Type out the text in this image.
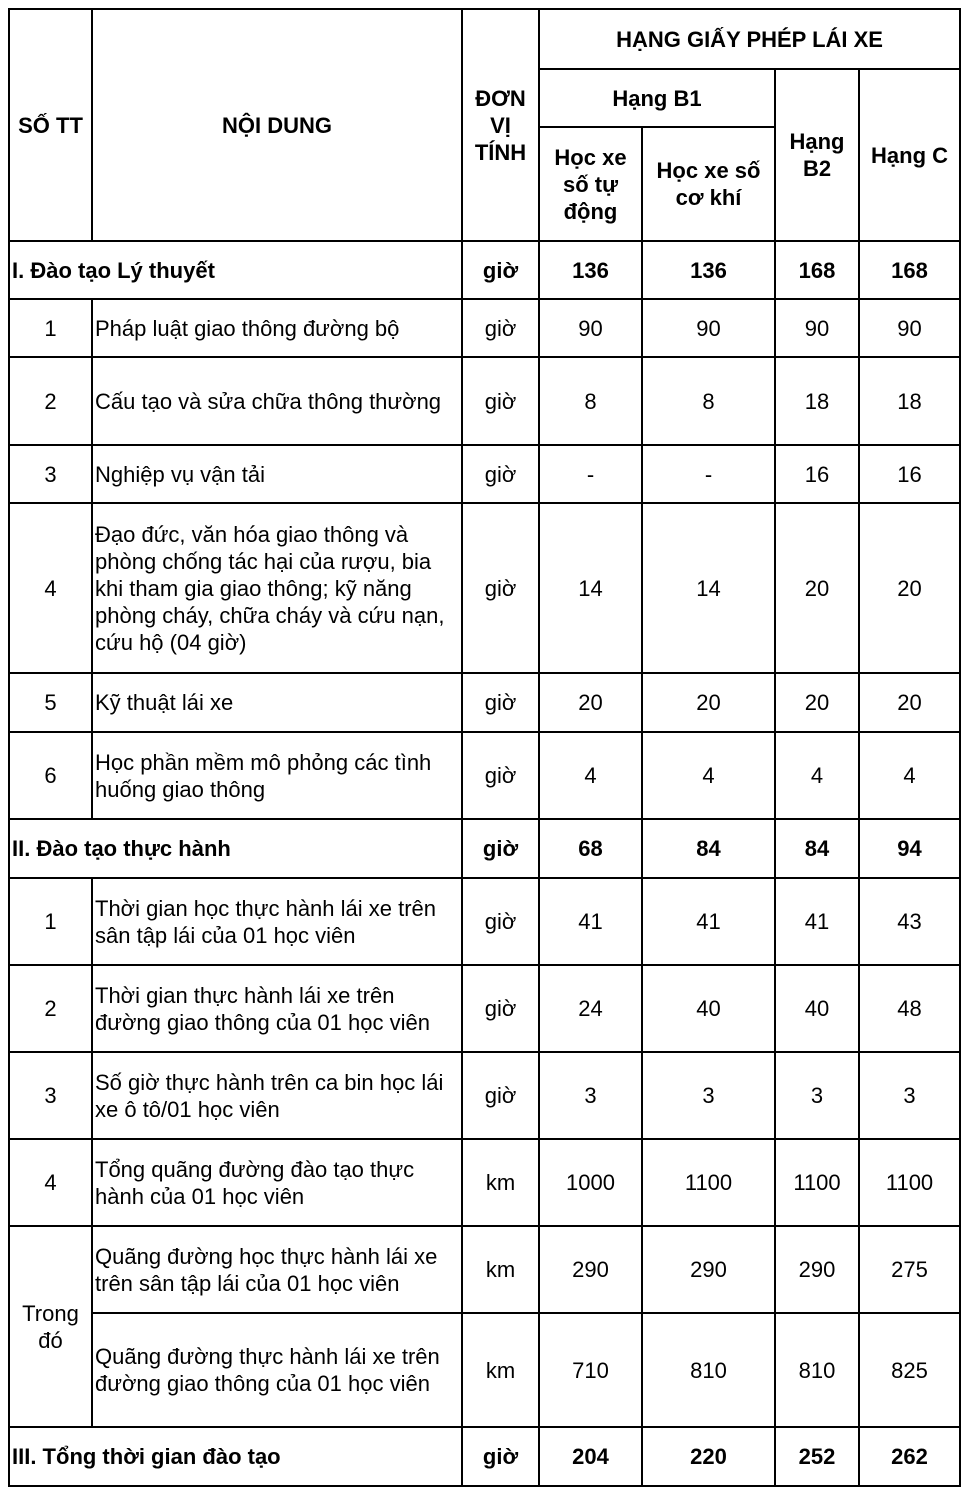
SỐ TT	NỘI DUNG	ĐƠN VỊ TÍNH	HẠNG GIẤY PHÉP LÁI XE			
			Hạng B1		Hạng B2	Hạng C
			Học xe số tự động	Học xe số cơ khí		
I. Đào tạo Lý thuyết		giờ	136	136	168	168
1	Pháp luật giao thông đường bộ	giờ	90	90	90	90
2	Cấu tạo và sửa chữa thông thường	giờ	8	8	18	18
3	Nghiệp vụ vận tải	giờ	-	-	16	16
4	Đạo đức, văn hóa giao thông và phòng chống tác hại của rượu, bia khi tham gia giao thông; kỹ năng phòng cháy, chữa cháy và cứu nạn, cứu hộ (04 giờ)	giờ	14	14	20	20
5	Kỹ thuật lái xe	giờ	20	20	20	20
6	Học phần mềm mô phỏng các tình huống giao thông	giờ	4	4	4	4
II. Đào tạo thực hành		giờ	68	84	84	94
1	Thời gian học thực hành lái xe trên sân tập lái của 01 học viên	giờ	41	41	41	43
2	Thời gian thực hành lái xe trên đường giao thông của 01 học viên	giờ	24	40	40	48
3	Số giờ thực hành trên ca bin học lái xe ô tô/01 học viên	giờ	3	3	3	3
4	Tổng quãng đường đào tạo thực hành của 01 học viên	km	1000	1100	1100	1100
Trong đó	Quãng đường học thực hành lái xe trên sân tập lái của 01 học viên	km	290	290	290	275
	Quãng đường thực hành lái xe trên đường giao thông của 01 học viên	km	710	810	810	825
III. Tổng thời gian đào tạo		giờ	204	220	252	262
